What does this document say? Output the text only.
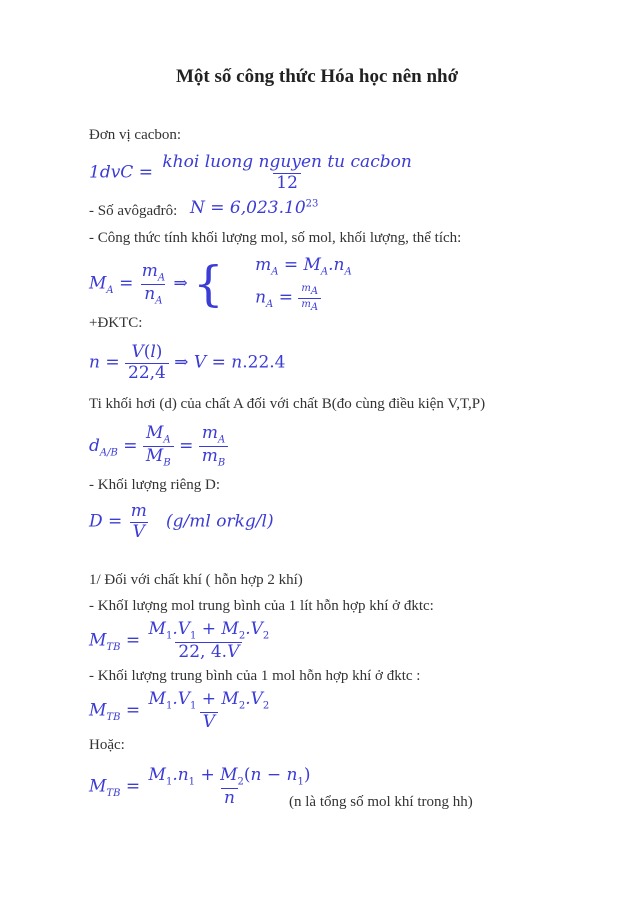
Một số công thức Hóa học nên nhớ
Đơn vị cacbon:
$1dvC = \frac{\text{khoi luong nguyen tu cacbon}}{12}$
- Số avôgađrô: $N = 6,023.10^{23}$
- Công thức tính khối lượng mol, số mol, khối lượng, thể tích:
$M_A = \frac{m_A}{n_A}$ ⇒ { $m_A = M_A.n_A$
$n_A = \frac{m_A}{m_A}$
+ĐKTC:
$n = \frac{V(l)}{22,4}$ ⇒ V = n.22.4
Ti khối hơi (d) của chất A đối với chất B(đo cùng điều kiện V,T,P)
$d_{A/B} = \frac{M_A}{M_B} = \frac{m_A}{m_B}$
- Khối lượng riêng D:
$D = \frac{m}{V} (g/ml$ orkg/l)
1/ Đối với chất khí ( hỗn hợp 2 khí)
- KhốI lượng mol trung bình của 1 lít hỗn hợp khí ở đktc:
$M_{TB} = \frac{M_1.V_1 + M_2.V_2}{22, 4.V}$
- Khối lượng trung bình của 1 mol hỗn hợp khí ở đktc :
$M_{TB} = \frac{M_1.V_1 + M_2.V_2}{V}$
Hoặc:
$M_{TB} = \frac{M_1.n_1 + M_2(n - n_1)}{n}$
(n là tổng số mol khí trong hh)
